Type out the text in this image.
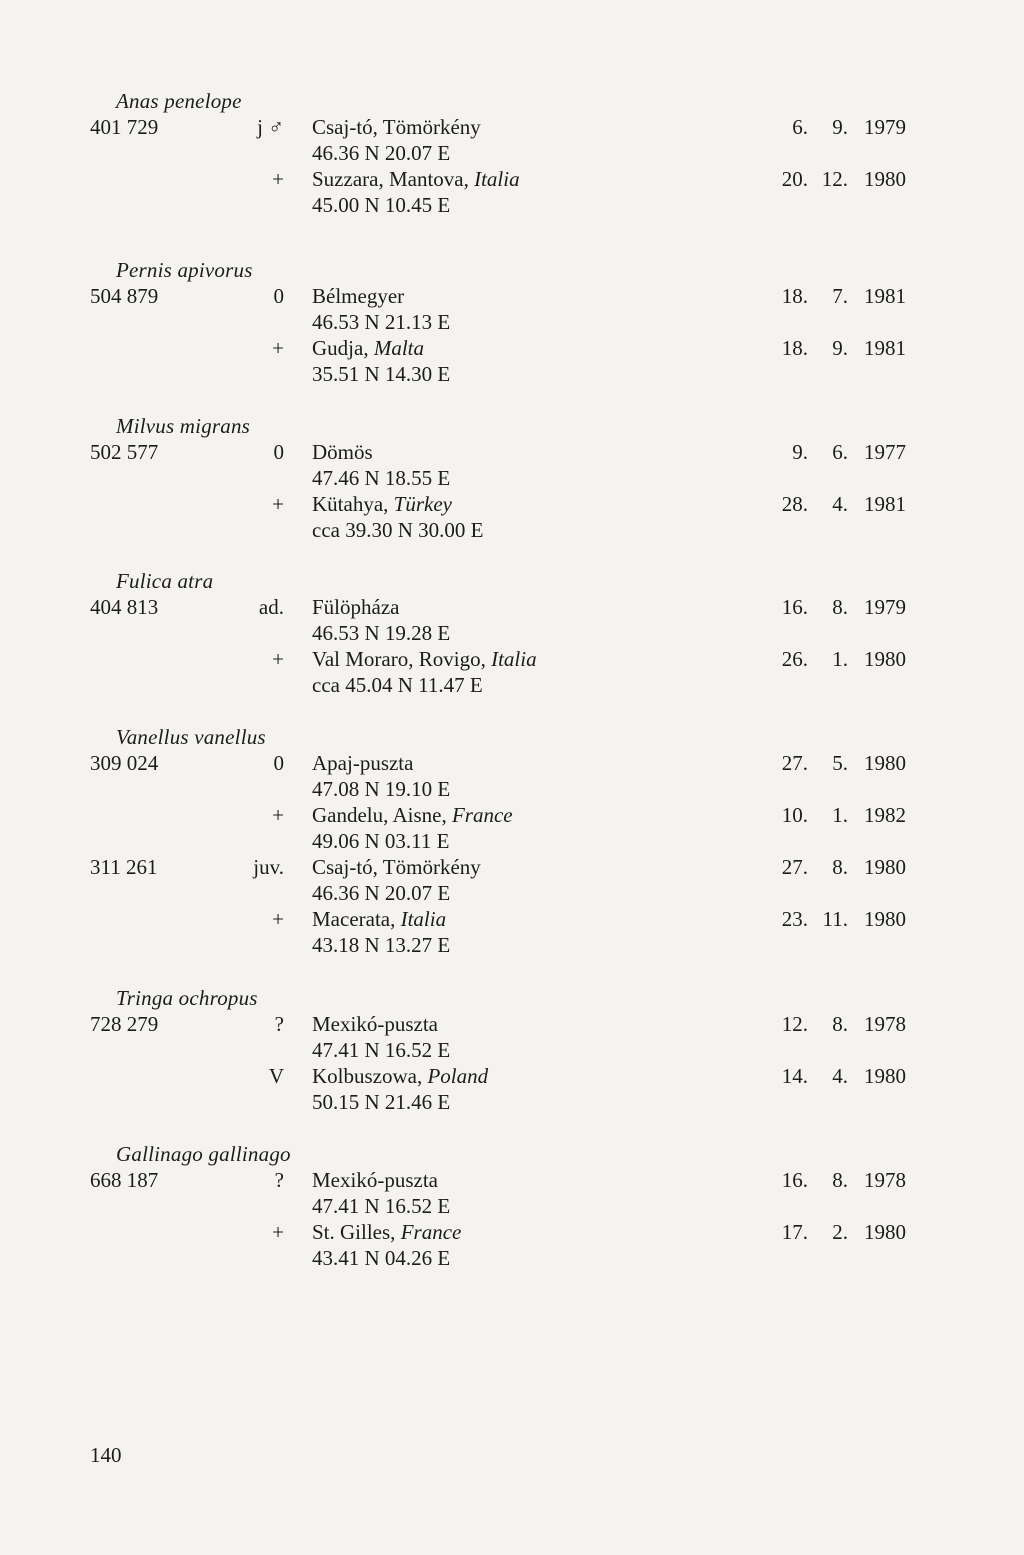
Anas penelope
401 729	j ♂ Csaj-tó, Tömörkény	6. 9. 1979
46.36 N 20.07 E
+ Suzzara, Mantova, Italia	20. 12. 1980
45.00 N 10.45 E
Pernis apivorus
504 879	0 Bélmegyer	18. 7. 1981
46.53 N 21.13 E
+ Gudja, Malta	18. 9. 1981
35.51 N 14.30 E
Milvus migrans
502 577	0 Dömös	9. 6. 1977
47.46 N 18.55 E
+ Kütahya, Türkey	28. 4. 1981
cca 39.30 N 30.00 E
Fulica atra
404 813	ad. Fülöpháza	16. 8. 1979
46.53 N 19.28 E
+ Val Moraro, Rovigo, Italia	26. 1. 1980
cca 45.04 N 11.47 E
Vanellus vanellus
309 024	0 Apaj-puszta	27. 5. 1980
47.08 N 19.10 E
+ Gandelu, Aisne, France	10. 1. 1982
49.06 N 03.11 E
311 261	juv. Csaj-tó, Tömörkény	27. 8. 1980
46.36 N 20.07 E
+ Macerata, Italia	23. 11. 1980
43.18 N 13.27 E
Tringa ochropus
728 279	? Mexikó-puszta	12. 8. 1978
47.41 N 16.52 E
V Kolbuszowa, Poland	14. 4. 1980
50.15 N 21.46 E
Gallinago gallinago
668 187	? Mexikó-puszta	16. 8. 1978
47.41 N 16.52 E
+ St. Gilles, France	17. 2. 1980
43.41 N 04.26 E
140
